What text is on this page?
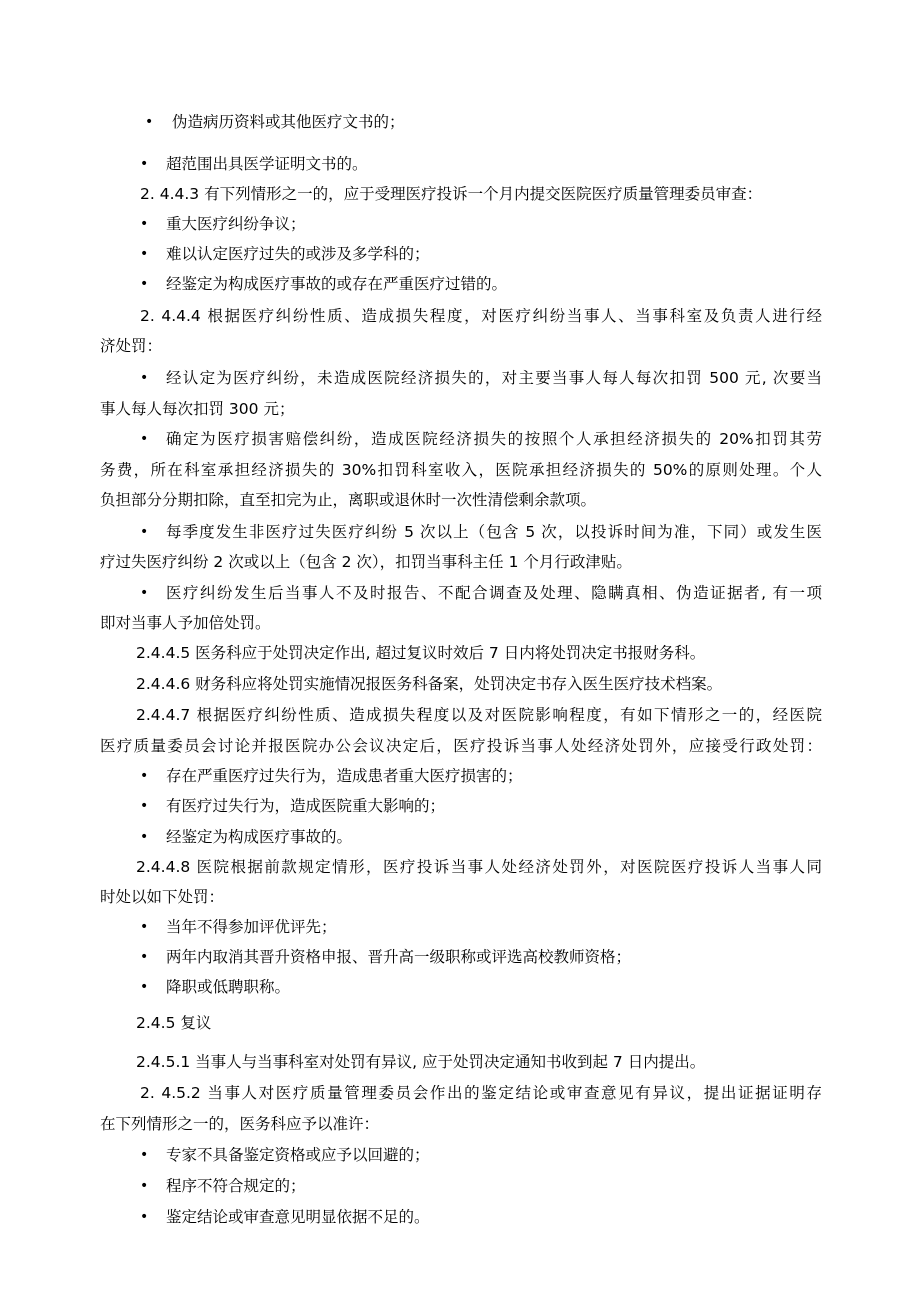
• 伪造病历资料或其他医疗文书的；
• 超范围出具医学证明文书的。
2. 4.4.3 有下列情形之一的，应于受理医疗投诉一个月内提交医院医疗质量管理委员审查：
• 重大医疗纠纷争议；
• 难以认定医疗过失的或涉及多学科的；
• 经鉴定为构成医疗事故的或存在严重医疗过错的。
2. 4.4.4 根据医疗纠纷性质、造成损失程度，对医疗纠纷当事人、当事科室及负责人进行经
济处罚：
• 经认定为医疗纠纷，未造成医院经济损失的，对主要当事人每人每次扣罚 500 元, 次要当
事人每人每次扣罚 300 元；
• 确定为医疗损害赔偿纠纷，造成医院经济损失的按照个人承担经济损失的 20%扣罚其劳
务费，所在科室承担经济损失的 30%扣罚科室收入，医院承担经济损失的 50%的原则处理。个人
负担部分分期扣除，直至扣完为止，离职或退休时一次性清偿剩余款项。
• 每季度发生非医疗过失医疗纠纷 5 次以上（包含 5 次，以投诉时间为准，下同）或发生医
疗过失医疗纠纷 2 次或以上（包含 2 次），扣罚当事科主任 1 个月行政津贴。
• 医疗纠纷发生后当事人不及时报告、不配合调查及处理、隐瞒真相、伪造证据者, 有一项
即对当事人予加倍处罚。
2.4.4.5 医务科应于处罚决定作出, 超过复议时效后 7 日内将处罚决定书报财务科。
2.4.4.6 财务科应将处罚实施情况报医务科备案，处罚决定书存入医生医疗技术档案。
2.4.4.7 根据医疗纠纷性质、造成损失程度以及对医院影响程度，有如下情形之一的，经医院
医疗质量委员会讨论并报医院办公会议决定后，医疗投诉当事人处经济处罚外，应接受行政处罚：
• 存在严重医疗过失行为，造成患者重大医疗损害的；
• 有医疗过失行为，造成医院重大影响的；
• 经鉴定为构成医疗事故的。
2.4.4.8 医院根据前款规定情形，医疗投诉当事人处经济处罚外，对医院医疗投诉人当事人同
时处以如下处罚：
• 当年不得参加评优评先；
• 两年内取消其晋升资格申报、晋升高一级职称或评选高校教师资格；
• 降职或低聘职称。
2.4.5 复议
2.4.5.1 当事人与当事科室对处罚有异议, 应于处罚决定通知书收到起 7 日内提出。
2. 4.5.2 当事人对医疗质量管理委员会作出的鉴定结论或审查意见有异议，提出证据证明存
在下列情形之一的，医务科应予以准许：
• 专家不具备鉴定资格或应予以回避的；
• 程序不符合规定的；
• 鉴定结论或审查意见明显依据不足的。
